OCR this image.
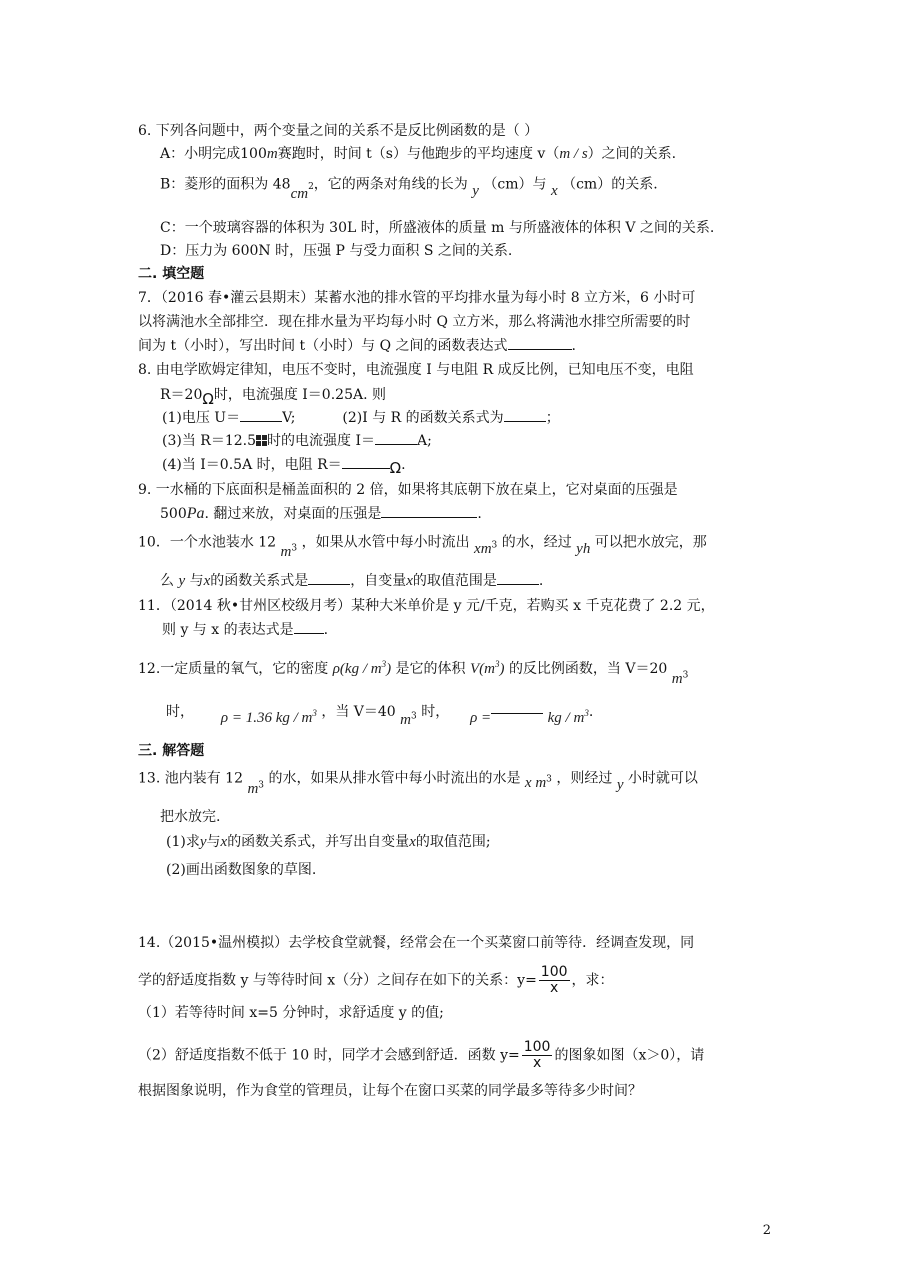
6. 下列各问题中，两个变量之间的关系不是反比例函数的是（ ）
A：小明完成100m赛跑时，时间 t（s）与他跑步的平均速度 v（m / s）之间的关系.
B：菱形的面积为 $48cm^2$，它的两条对角线的长为 y （cm）与 x （cm）的关系.
C：一个玻璃容器的体积为 30L 时，所盛液体的质量 m 与所盛液体的体积 V 之间的关系.
D：压力为 600N 时，压强 P 与受力面积 S 之间的关系.
二. 填空题
7．（2016 春•灌云县期末）某蓄水池的排水管的平均排水量为每小时 8 立方米，6 小时可
以将满池水全部排空．现在排水量为平均每小时 Q 立方米，那么将满池水排空所需要的时
间为 t（小时），写出时间 t（小时）与 Q 之间的函数表达式	.
8. 由电学欧姆定律知，电压不变时，电流强度 I 与电阻 R 成反比例，已知电压不变，电阻
R＝20Ω时，电流强度 I＝0.25A. 则
(1)电压 U＝	V;	(2)I 与 R 的函数关系式为	；
(3)当 R＝12.5 时的电流强度 I＝	A;
(4)当 I＝0.5A 时，电阻 R＝	Ω.
9. 一水桶的下底面积是桶盖面积的 2 倍，如果将其底朝下放在桌上，它对桌面的压强是
500Pa. 翻过来放，对桌面的压强是	.
10．一个水池装水 12 $m^3$ ，如果从水管中每小时流出 $xm^3$ 的水，经过 yh 可以把水放完，那
么 y 与x的函数关系式是	，自变量x的取值范围是	.
11．（2014 秋•甘州区校级月考）某种大米单价是 y 元/千克，若购买 x 千克花费了 2.2 元，
则 y 与 x 的表达式是 .
12.一定质量的氧气，它的密度 $\rho(kg / m^3)$ 是它的体积 $V(m^3)$ 的反比例函数，当 V＝20 $m^3$
时， ρ = 1.36 kg / $m^3$ ，当 V＝40 $m^3$ 时， ρ =	kg / $m^3$.
三. 解答题
13. 池内装有 12 $m^3$ 的水，如果从排水管中每小时流出的水是 x $m^3$ ，则经过 y 小时就可以
把水放完.
(1)求y与x的函数关系式，并写出自变量x的取值范围;
(2)画出函数图象的草图.
14.（2015•温州模拟）去学校食堂就餐，经常会在一个买菜窗口前等待．经调查发现，同
学的舒适度指数 y 与等待时间 x（分）之间存在如下的关系：$y= \frac{100}{x}$ ，求：
（1）若等待时间 x=5 分钟时，求舒适度 y 的值;
（2）舒适度指数不低于 10 时，同学才会感到舒适．函数 $y= \frac{100}{x}$ 的图象如图（x＞0），请
根据图象说明，作为食堂的管理员，让每个在窗口买菜的同学最多等待多少时间？
2
